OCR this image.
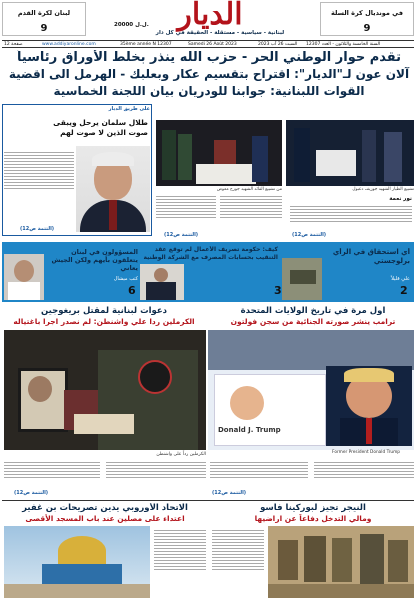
لبنان لكرة القدم
9
في مونديال كرة السلة
9
الديار
20000 ل.ل.
لبنانية - سياسية - مستقلة - الحقيقة في كل دار
12 صفحة	www.addiyaronline.com	35ème année N 12307	Samedi 26 Août 2023	السبت 26 آب 2023 السنة الخامسة والثلاثون - العدد 12307
تقدم حوار الوطني الحر - حزب الله ينذر بخلط الأوراق رئاسياً
آلان عون لـ"الديار": اقتراح بتقسيم عكار وبعلبك - الهرمل الى اقضية
القوات اللبنانية: جوابنا للودريان بيان اللجنة الخماسية
على طريق الديار
طلال سلمان يرحل ويبقى صوت الذين لا صوت لهم
(التتمة ص12)
من تشييع القائد الشهيد جورج معوض	تشييع الطيار الشهيد جوزيف دعبول
(التتمة ص12)
نور نعمة
(التتمة ص12)
المسؤولون في لبنان يتعلقون بأيهم ولكن الجيش يعاني
كتب ميشال
6
كيف: حكومة تصريف الأعمال لم توقع عقد التنقيب بحسابات المصرف مع الشركة الوطنية
3
أي استحقاق في الرأي برلوجستي
علي قليلاً
2
دعوات لبنانية لمقتل بريغوجين
الكرملين ردا علي واشنطن: لم نصدر اجرا باغتياله
اول مرة في تاريخ الولايات المتحدة
ترامب ينشر صورته الجنائية من سجن فولتون
Donald J. Trump
Former President Donald Trump
الكرملين رداً على واشنطن
(التتمة ص12)	(التتمة ص12)
الاتحاد الأوروبي يدين تصريحات بن غفير
اعتداء على مصلين عند باب المسجد الأقصى
النيجر تجيز لبوركينا فاسو
ومالي التدخل دفاعاً عن اراضيها
